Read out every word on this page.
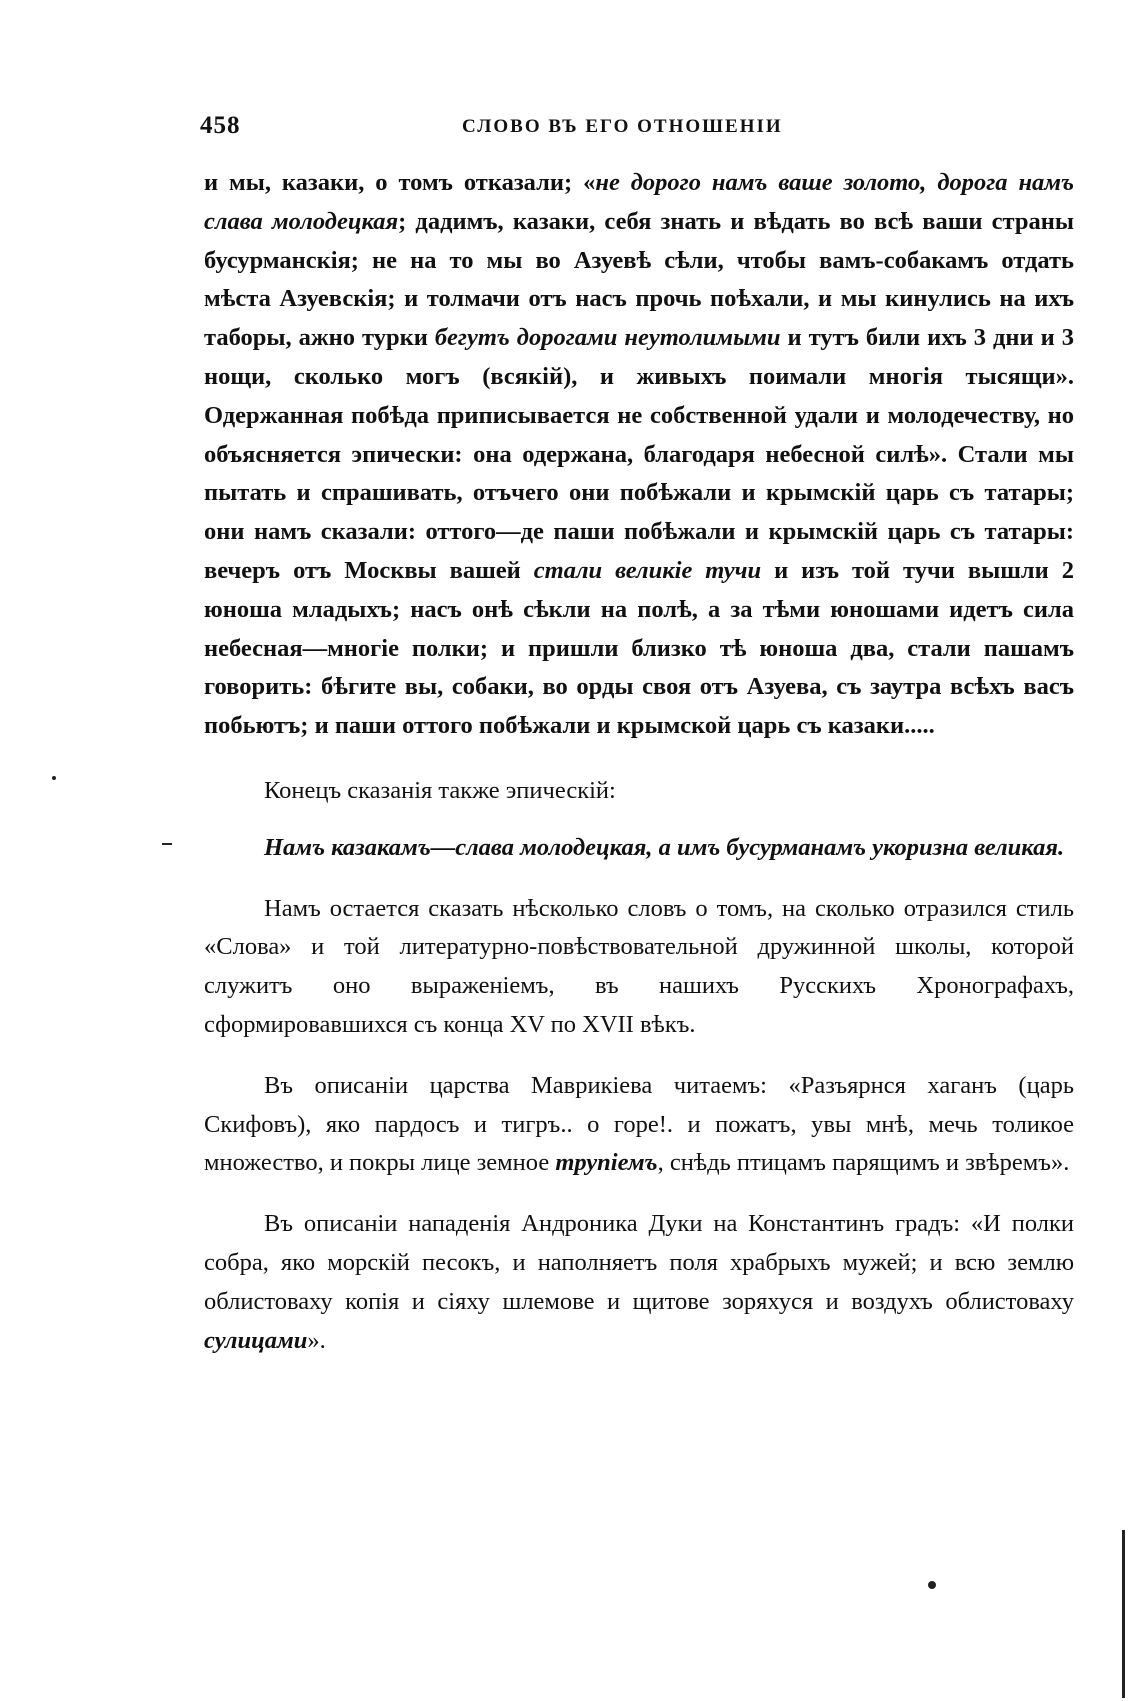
458	СЛОВО ВЪ ЕГО ОТНОШЕНІИ

и мы, казаки, о томъ отказали; «не дорого намъ ваше золото, дорога намъ слава молодецкая; дадимъ, казаки, себя знать и вѣдать во всѣ ваши страны бусурманскія; не на то мы во Азуевѣ сѣли, чтобы вамъ-собакамъ отдать мѣста Азуевскія; и толмачи отъ насъ прочь поѣхали, и мы кинулись на ихъ таборы, ажно турки бегутъ дорогами неутолимыми и тутъ били ихъ 3 дни и 3 нощи, сколько могъ (всякій), и живыхъ поимали многія тысящи». Одержанная побѣда приписывается не собственной удали и молодечеству, но объясняется эпически: она одержана, благодаря небесной силѣ». Стали мы пытать и спрашивать, отъчего они побѣжали и крымскій царь съ татары; они намъ сказали: оттого—де паши побѣжали и крымскій царь съ татары: вечеръ отъ Москвы вашей стали великіе тучи и изъ той тучи вышли 2 юноша младыхъ; насъ онѣ сѣкли на полѣ, а за тѣми юношами идетъ сила небесная—многіе полки; и пришли близко тѣ юноша два, стали пашамъ говорить: бѣгите вы, собаки, во орды своя отъ Азуева, съ заутра всѣхъ васъ побьютъ; и паши оттого побѣжали и крымской царь съ казаки.....

Конецъ сказанія также эпическій:

Намъ казакамъ—слава молодецкая, а имъ бусурманамъ укоризна великая.

Намъ остается сказать нѣсколько словъ о томъ, на сколько отразился стиль «Слова» и той литературно-повѣствовательной дружинной школы, которой служитъ оно выраженіемъ, въ нашихъ Русскихъ Хронографахъ, сформировавшихся съ конца XV по XVII вѣкъ.

Въ описаніи царства Маврикіева читаемъ: «Разъярнся хаганъ (царь Скифовъ), яко пардосъ и тигръ.. о горе!. и пожатъ, увы мнѣ, мечь толикое множество, и покры лице земное трупіемъ, снѣдь птицамъ парящимъ и звѣремъ».

Въ описаніи нападенія Андроника Дуки на Константинъ градъ: «И полки собра, яко морскій песокъ, и наполняетъ поля храбрыхъ мужей; и всю землю облистоваху копія и сіяху шлемове и щитове зоряхуся и воздухъ облистоваху сулицами».
